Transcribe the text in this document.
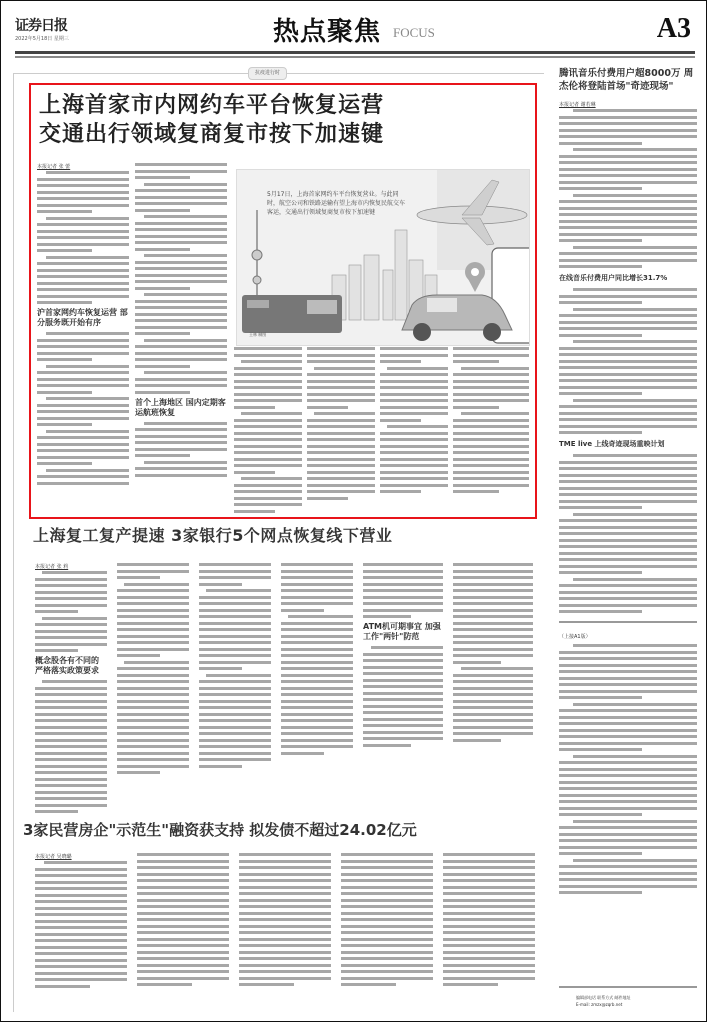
证券日报
2022年5月18日 星期三	热点聚焦 FOCUS	A3
抗疫进行时
上海首家市内网约车平台恢复运营
交通出行领域复商复市按下加速键
本报记者 张 蕾
沪首家网约车恢复运营 部分服务既开始有序
首个上海地区 国内定期客运航班恢复
5月17日，上海首家网约车平台恢复营业。与此同时，航空公司和铁路运输有望上海市内恢复民航交车客运，交通出行领域复商复市按下加速键
王林 制图
上海复工复产提速 3家银行5个网点恢复线下营业
本报记者 张 莉
概念股各有不同的 严格落实政策要求
ATM机可期事宜 加强工作"两针"防范
3家民营房企"示范生"融资获支持 拟发债不超过24.02亿元
本报记者 吴晓璐
腾讯音乐付费用户超8000万 周杰伦将登陆首场"奇迹现场"
本报记者 谢若琳
在线音乐付费用户同比增长31.7%
TME live 上线奇迹现场重映计划
（上接A1版）
编辑部电话 联系方式 邮件地址
E-mail: zmzx@zqrb.net
